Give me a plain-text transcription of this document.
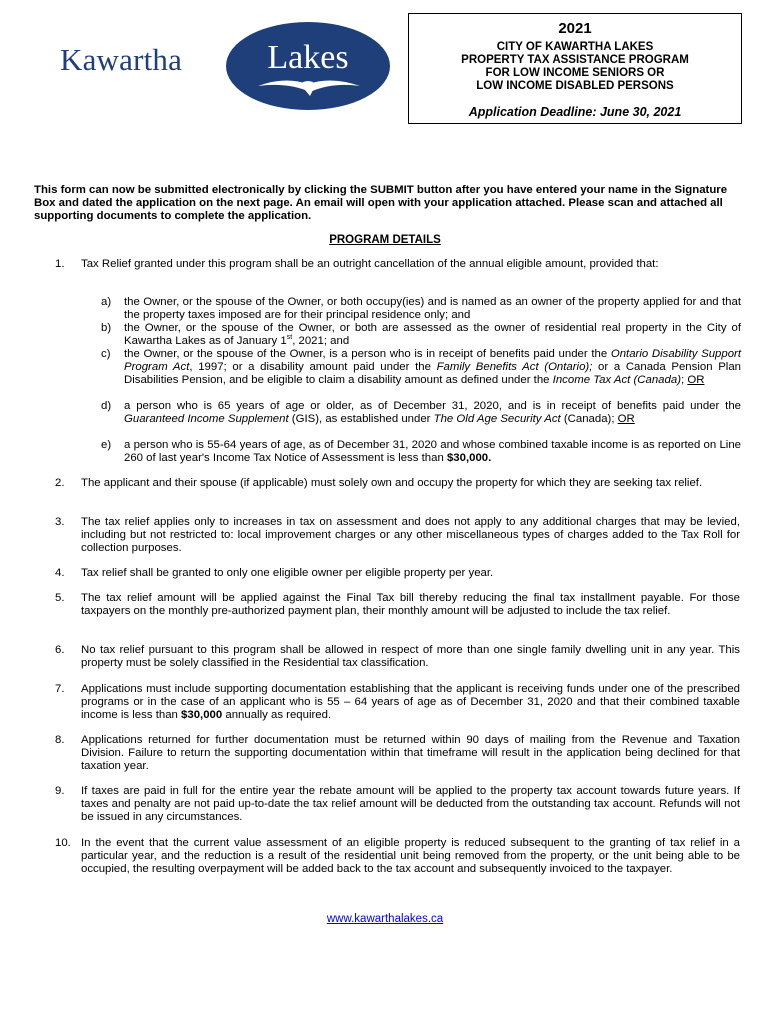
Kawartha	Lakes
2021
CITY OF KAWARTHA LAKES
PROPERTY TAX ASSISTANCE PROGRAM
FOR LOW INCOME SENIORS OR
LOW INCOME DISABLED PERSONS
Application Deadline: June 30, 2021
This form can now be submitted electronically by clicking the SUBMIT button after you have entered your name in the Signature Box and dated the application on the next page. An email will open with your application attached. Please scan and attached all supporting documents to complete the application.
PROGRAM DETAILS
1. Tax Relief granted under this program shall be an outright cancellation of the annual eligible amount, provided that:
a) the Owner, or the spouse of the Owner, or both occupy(ies) and is named as an owner of the property applied for and that the property taxes imposed are for their principal residence only; and
b) the Owner, or the spouse of the Owner, or both are assessed as the owner of residential real property in the City of Kawartha Lakes as of January 1st, 2021; and
c) the Owner, or the spouse of the Owner, is a person who is in receipt of benefits paid under the Ontario Disability Support Program Act, 1997; or a disability amount paid under the Family Benefits Act (Ontario); or a Canada Pension Plan Disabilities Pension, and be eligible to claim a disability amount as defined under the Income Tax Act (Canada); OR
d) a person who is 65 years of age or older, as of December 31, 2020, and is in receipt of benefits paid under the Guaranteed Income Supplement (GIS), as established under The Old Age Security Act (Canada); OR
e) a person who is 55-64 years of age, as of December 31, 2020 and whose combined taxable income is as reported on Line 260 of last year's Income Tax Notice of Assessment is less than $30,000.
2. The applicant and their spouse (if applicable) must solely own and occupy the property for which they are seeking tax relief.
3. The tax relief applies only to increases in tax on assessment and does not apply to any additional charges that may be levied, including but not restricted to: local improvement charges or any other miscellaneous types of charges added to the Tax Roll for collection purposes.
4. Tax relief shall be granted to only one eligible owner per eligible property per year.
5. The tax relief amount will be applied against the Final Tax bill thereby reducing the final tax installment payable. For those taxpayers on the monthly pre-authorized payment plan, their monthly amount will be adjusted to include the tax relief.
6. No tax relief pursuant to this program shall be allowed in respect of more than one single family dwelling unit in any year. This property must be solely classified in the Residential tax classification.
7. Applications must include supporting documentation establishing that the applicant is receiving funds under one of the prescribed programs or in the case of an applicant who is 55 – 64 years of age as of December 31, 2020 and that their combined taxable income is less than $30,000 annually as required.
8. Applications returned for further documentation must be returned within 90 days of mailing from the Revenue and Taxation Division. Failure to return the supporting documentation within that timeframe will result in the application being declined for that taxation year.
9. If taxes are paid in full for the entire year the rebate amount will be applied to the property tax account towards future years. If taxes and penalty are not paid up-to-date the tax relief amount will be deducted from the outstanding tax account. Refunds will not be issued in any circumstances.
10. In the event that the current value assessment of an eligible property is reduced subsequent to the granting of tax relief in a particular year, and the reduction is a result of the residential unit being removed from the property, or the unit being able to be occupied, the resulting overpayment will be added back to the tax account and subsequently invoiced to the taxpayer.
www.kawarthalakes.ca
